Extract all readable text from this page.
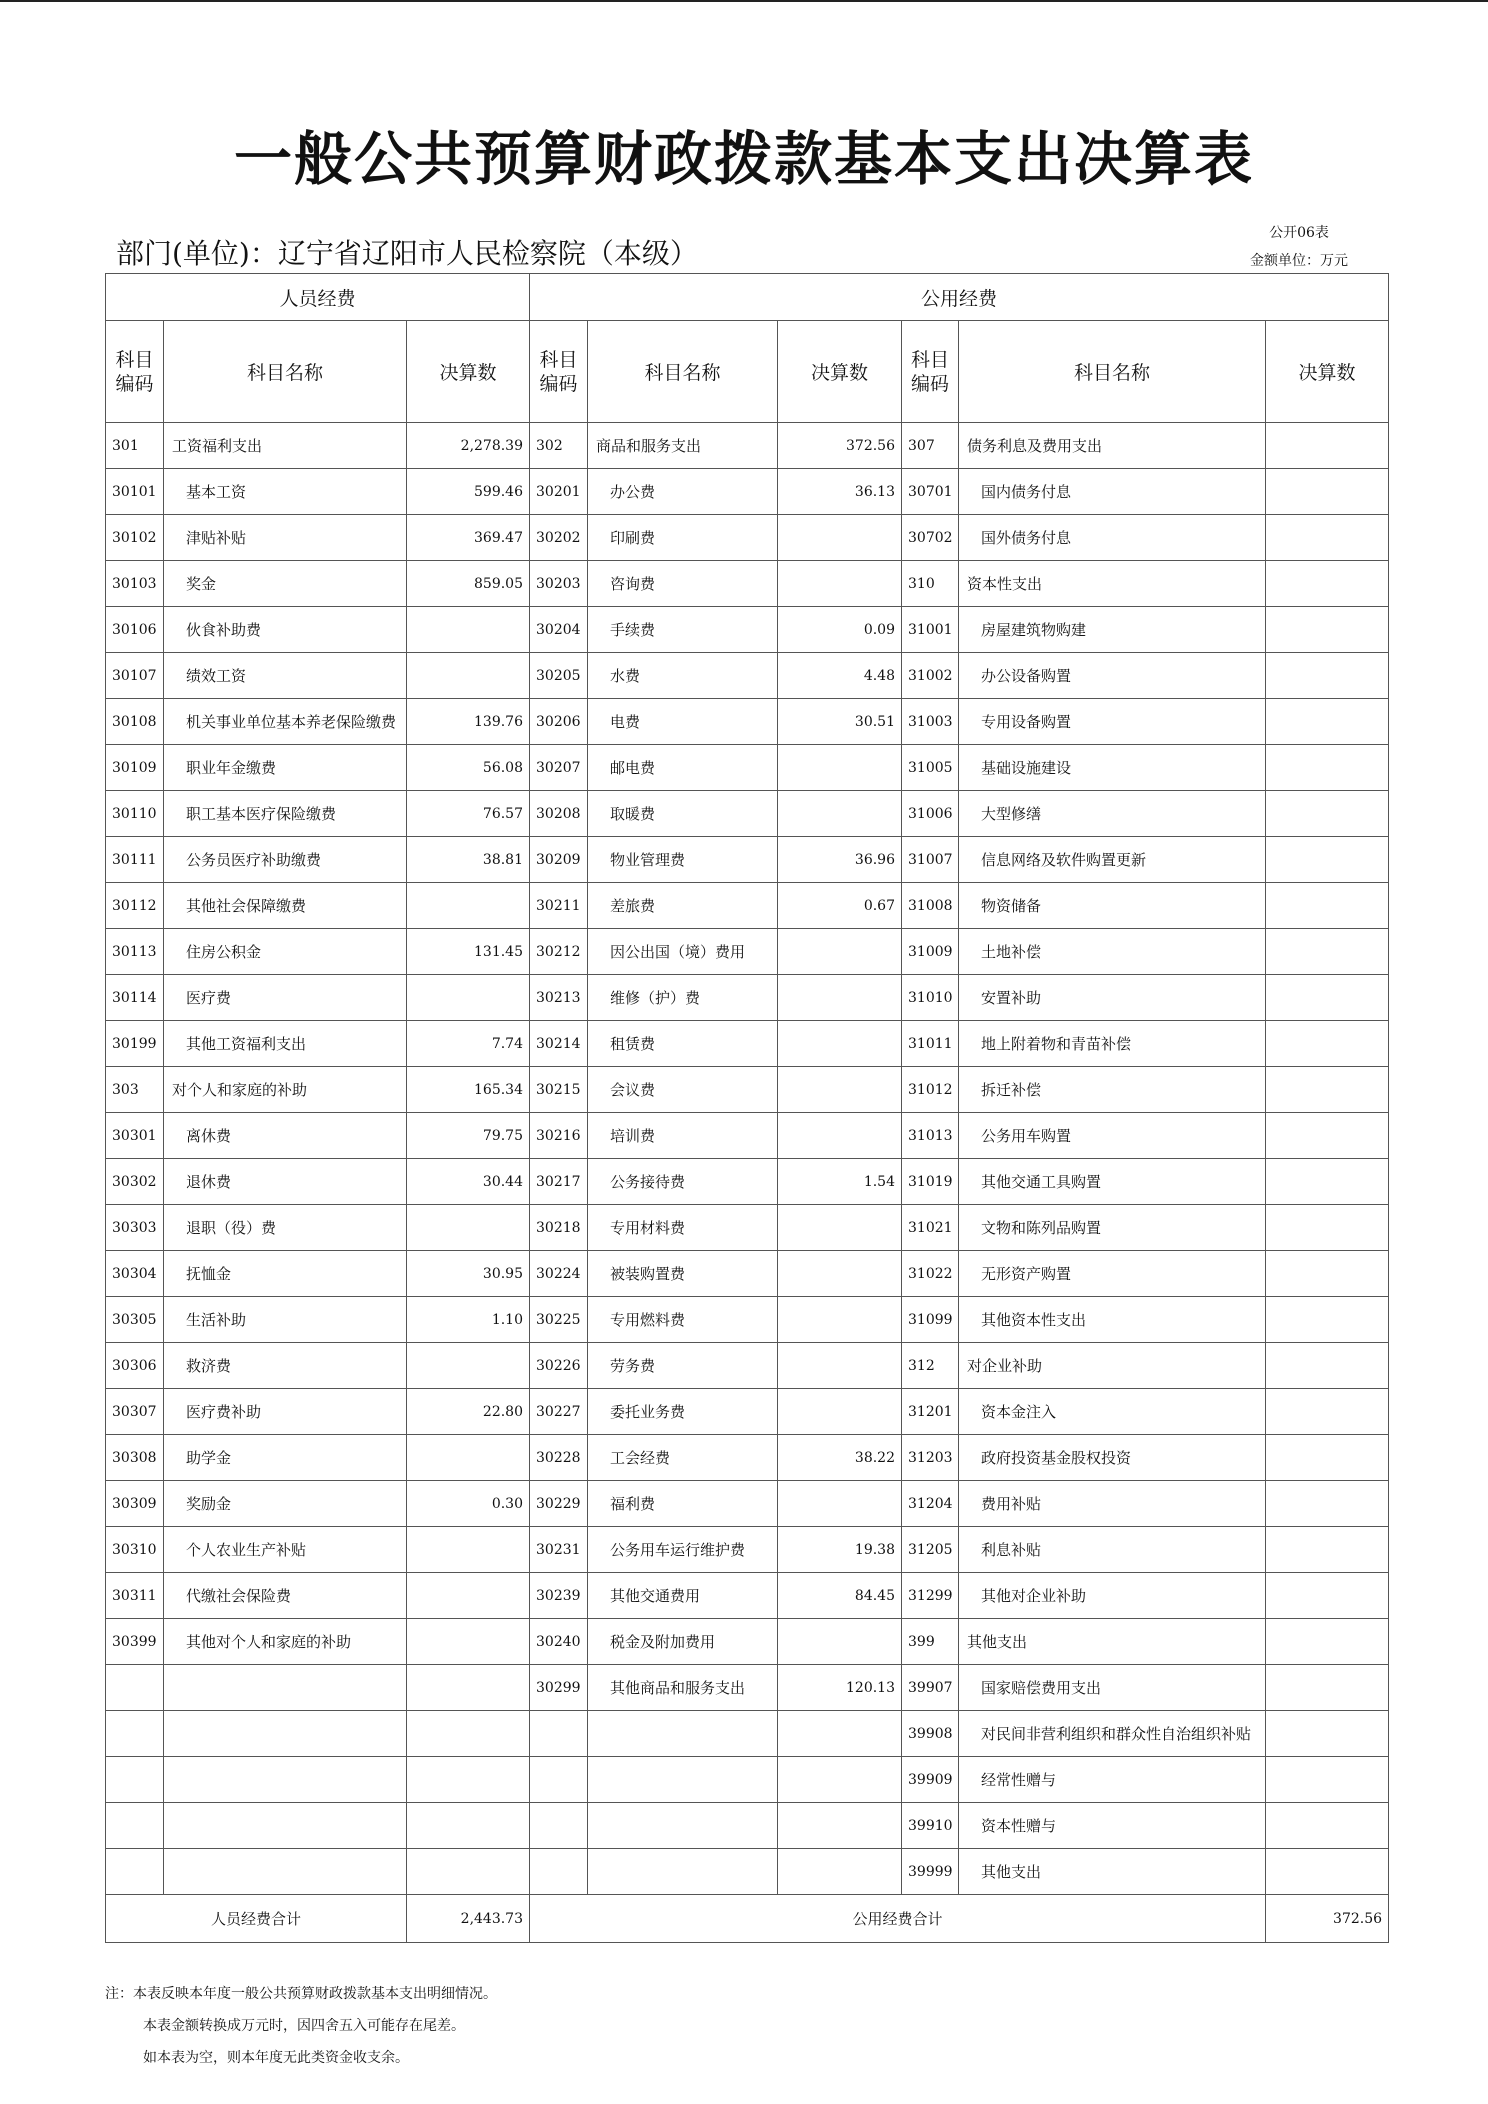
一般公共预算财政拨款基本支出决算表
部门(单位)：辽宁省辽阳市人民检察院（本级）
公开06表
金额单位：万元
人员经费			公用经费					
科目编码	科目名称	决算数	科目编码	科目名称	决算数	科目编码	科目名称	决算数
301	工资福利支出	2,278.39	302	商品和服务支出	372.56	307	债务利息及费用支出	
30101	基本工资	599.46	30201	办公费	36.13	30701	国内债务付息	
30102	津贴补贴	369.47	30202	印刷费		30702	国外债务付息	
30103	奖金	859.05	30203	咨询费		310	资本性支出	
30106	伙食补助费		30204	手续费	0.09	31001	房屋建筑物购建	
30107	绩效工资		30205	水费	4.48	31002	办公设备购置	
30108	机关事业单位基本养老保险缴费	139.76	30206	电费	30.51	31003	专用设备购置	
30109	职业年金缴费	56.08	30207	邮电费		31005	基础设施建设	
30110	职工基本医疗保险缴费	76.57	30208	取暖费		31006	大型修缮	
30111	公务员医疗补助缴费	38.81	30209	物业管理费	36.96	31007	信息网络及软件购置更新	
30112	其他社会保障缴费		30211	差旅费	0.67	31008	物资储备	
30113	住房公积金	131.45	30212	因公出国（境）费用		31009	土地补偿	
30114	医疗费		30213	维修（护）费		31010	安置补助	
30199	其他工资福利支出	7.74	30214	租赁费		31011	地上附着物和青苗补偿	
303	对个人和家庭的补助	165.34	30215	会议费		31012	拆迁补偿	
30301	离休费	79.75	30216	培训费		31013	公务用车购置	
30302	退休费	30.44	30217	公务接待费	1.54	31019	其他交通工具购置	
30303	退职（役）费		30218	专用材料费		31021	文物和陈列品购置	
30304	抚恤金	30.95	30224	被装购置费		31022	无形资产购置	
30305	生活补助	1.10	30225	专用燃料费		31099	其他资本性支出	
30306	救济费		30226	劳务费		312	对企业补助	
30307	医疗费补助	22.80	30227	委托业务费		31201	资本金注入	
30308	助学金		30228	工会经费	38.22	31203	政府投资基金股权投资	
30309	奖励金	0.30	30229	福利费		31204	费用补贴	
30310	个人农业生产补贴		30231	公务用车运行维护费	19.38	31205	利息补贴	
30311	代缴社会保险费		30239	其他交通费用	84.45	31299	其他对企业补助	
30399	其他对个人和家庭的补助		30240	税金及附加费用		399	其他支出	
			30299	其他商品和服务支出	120.13	39907	国家赔偿费用支出	
						39908	对民间非营利组织和群众性自治组织补贴	
						39909	经常性赠与	
						39910	资本性赠与	
						39999	其他支出	
人员经费合计		2,443.73	公用经费合计					372.56
注：本表反映本年度一般公共预算财政拨款基本支出明细情况。
本表金额转换成万元时，因四舍五入可能存在尾差。
如本表为空，则本年度无此类资金收支余。
